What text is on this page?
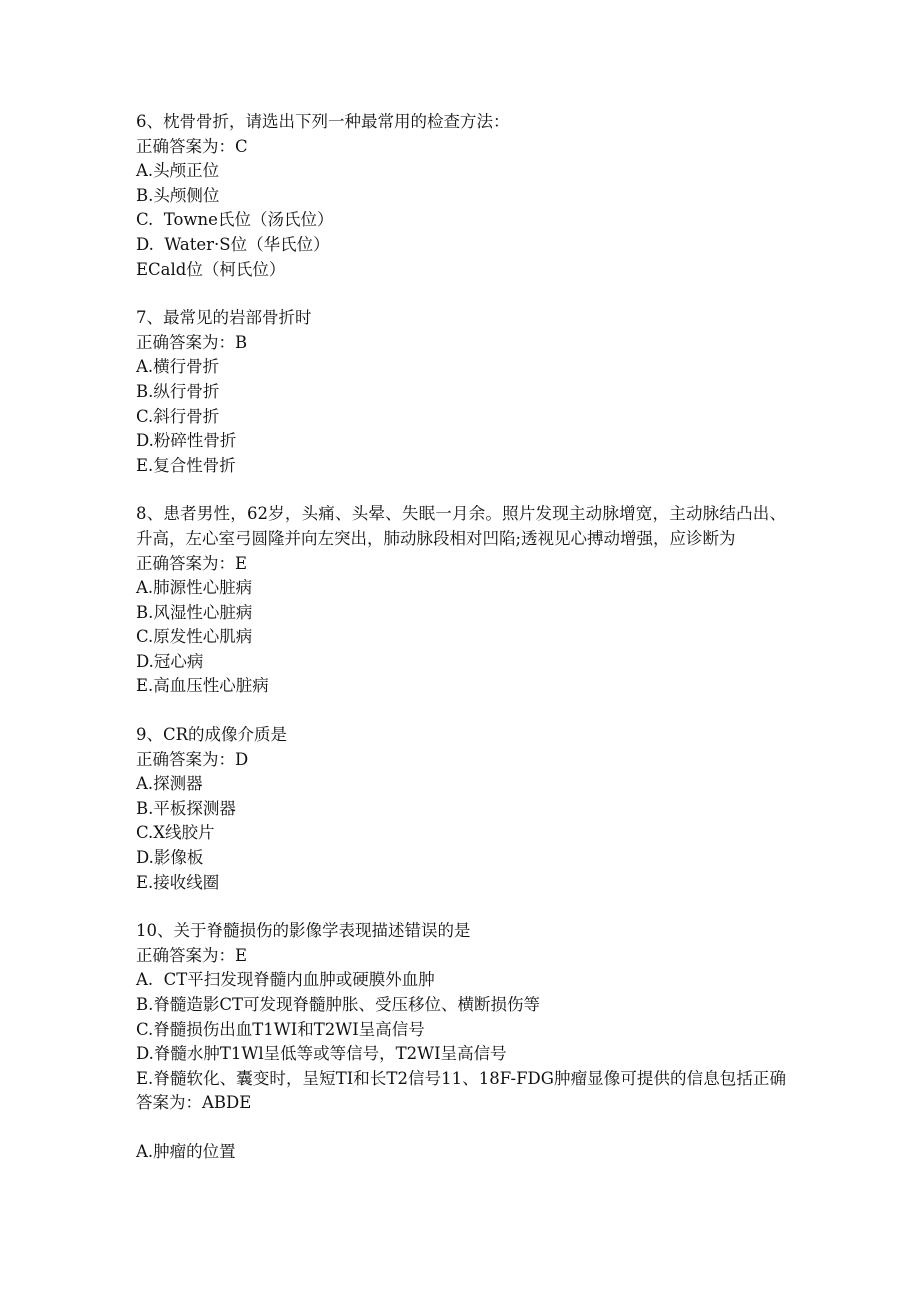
6、枕骨骨折，请选出下列一种最常用的检查方法：
正确答案为：C
A.头颅正位
B.头颅侧位
C.  Towne氏位（汤氏位）
D.  Water·S位（华氏位）
ECald位（柯氏位）
7、最常见的岩部骨折时
正确答案为：B
A.横行骨折
B.纵行骨折
C.斜行骨折
D.粉碎性骨折
E.复合性骨折
8、患者男性，62岁，头痛、头晕、失眠一月余。照片发现主动脉增宽，主动脉结凸出、升高，左心室弓圆隆并向左突出，肺动脉段相对凹陷;透视见心搏动增强，应诊断为
正确答案为：E
A.肺源性心脏病
B.风湿性心脏病
C.原发性心肌病
D.冠心病
E.高血压性心脏病
9、CR的成像介质是
正确答案为：D
A.探测器
B.平板探测器
C.X线胶片
D.影像板
E.接收线圈
10、关于脊髓损伤的影像学表现描述错误的是
正确答案为：E
A.  CT平扫发现脊髓内血肿或硬膜外血肿
B.脊髓造影CT可发现脊髓肿胀、受压移位、横断损伤等
C.脊髓损伤出血T1WI和T2WI呈高信号
D.脊髓水肿T1Wl呈低等或等信号，T2WI呈高信号
E.脊髓软化、囊变时，呈短TI和长T2信号11、18F-FDG肿瘤显像可提供的信息包括正确答案为：ABDE
A.肿瘤的位置
